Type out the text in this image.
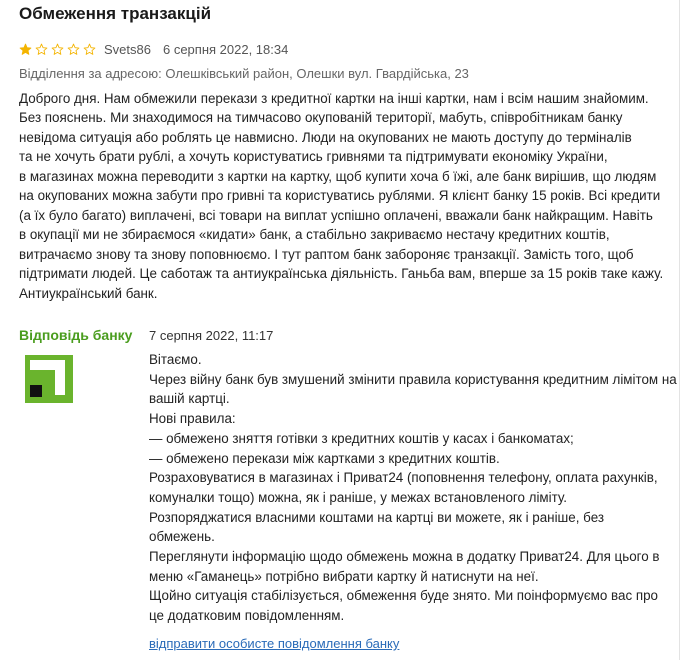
Обмеження транзакцій
Svets86 6 серпня 2022, 18:34
Відділення за адресою: Олешківський район, Олешки вул. Гвардійська, 23
Доброго дня. Нам обмежили перекази з кредитної картки на інші картки, нам і всім нашим знайомим.
Без пояснень. Ми знаходимося на тимчасово окупованій території, мабуть, співробітникам банку
невідома ситуація або роблять це навмисно. Люди на окупованих не мають доступу до терміналів
та не хочуть брати рублі, а хочуть користуватись гривнями та підтримувати економіку України,
в магазинах можна переводити з картки на картку, щоб купити хоча б їжі, але банк вирішив, що людям
на окупованих можна забути про гривні та користуватись рублями. Я клієнт банку 15 років. Всі кредити
(а їх було багато) виплачені, всі товари на виплат успішно оплачені, вважали банк найкращим. Навіть
в окупації ми не збираємося «кидати» банк, а стабільно закриваємо нестачу кредитних коштів,
витрачаємо знову та знову поповнюємо. І тут раптом банк забороняє транзакції. Замість того, щоб
підтримати людей. Це саботаж та антиукраїнська діяльність. Ганьба вам, вперше за 15 років таке кажу.
Антиукраїнський банк.
Відповідь банку 7 серпня 2022, 11:17
Вітаємо.
Через війну банк був змушений змінити правила користування кредитним лімітом на
вашій картці.
Нові правила:
— обмежено зняття готівки з кредитних коштів у касах і банкоматах;
— обмежено перекази між картками з кредитних коштів.
Розраховуватися в магазинах і Приват24 (поповнення телефону, оплата рахунків,
комуналки тощо) можна, як і раніше, у межах встановленого ліміту.
Розпоряджатися власними коштами на картці ви можете, як і раніше, без
обмежень.
Переглянути інформацію щодо обмежень можна в додатку Приват24. Для цього в
меню «Гаманець» потрібно вибрати картку й натиснути на неї.
Щойно ситуація стабілізується, обмеження буде знято. Ми поінформуємо вас про
це додатковим повідомленням.
відправити особисте повідомлення банку
